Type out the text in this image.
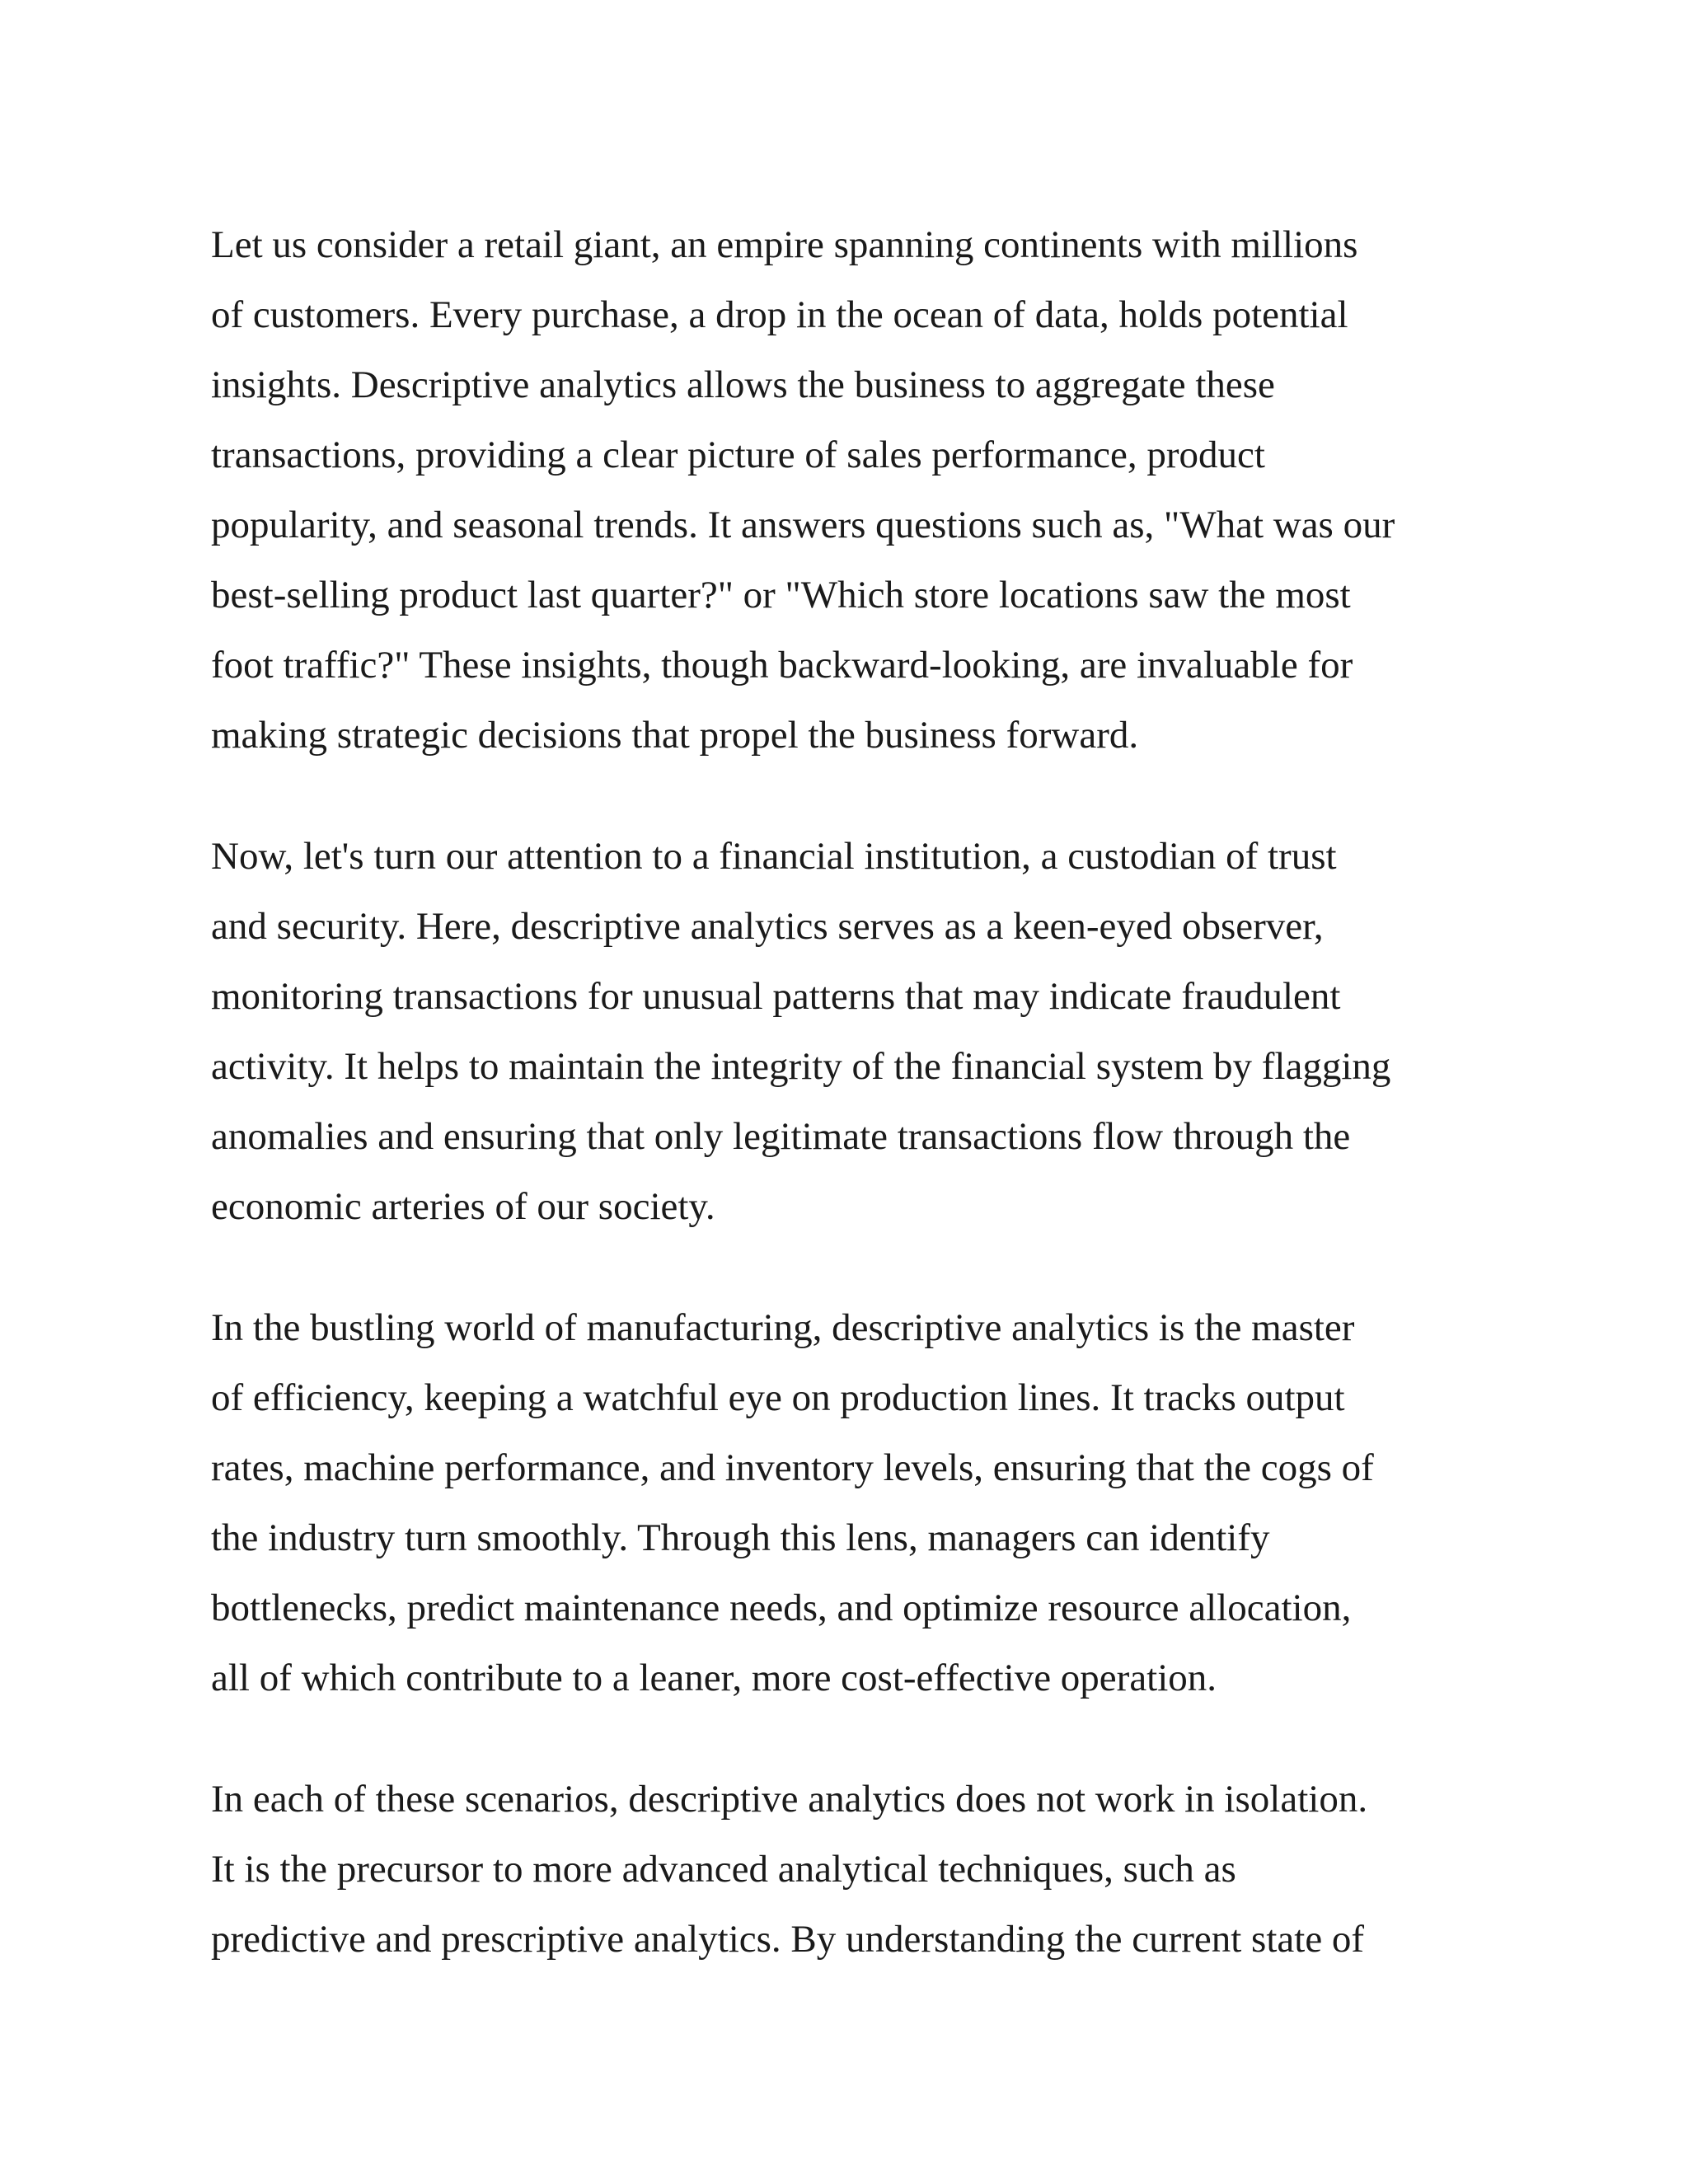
Let us consider a retail giant, an empire spanning continents with millions
of customers. Every purchase, a drop in the ocean of data, holds potential
insights. Descriptive analytics allows the business to aggregate these
transactions, providing a clear picture of sales performance, product
popularity, and seasonal trends. It answers questions such as, "What was our
best-selling product last quarter?" or "Which store locations saw the most
foot traffic?" These insights, though backward-looking, are invaluable for
making strategic decisions that propel the business forward.
Now, let's turn our attention to a financial institution, a custodian of trust
and security. Here, descriptive analytics serves as a keen-eyed observer,
monitoring transactions for unusual patterns that may indicate fraudulent
activity. It helps to maintain the integrity of the financial system by flagging
anomalies and ensuring that only legitimate transactions flow through the
economic arteries of our society.
In the bustling world of manufacturing, descriptive analytics is the master
of efficiency, keeping a watchful eye on production lines. It tracks output
rates, machine performance, and inventory levels, ensuring that the cogs of
the industry turn smoothly. Through this lens, managers can identify
bottlenecks, predict maintenance needs, and optimize resource allocation,
all of which contribute to a leaner, more cost-effective operation.
In each of these scenarios, descriptive analytics does not work in isolation.
It is the precursor to more advanced analytical techniques, such as
predictive and prescriptive analytics. By understanding the current state of
